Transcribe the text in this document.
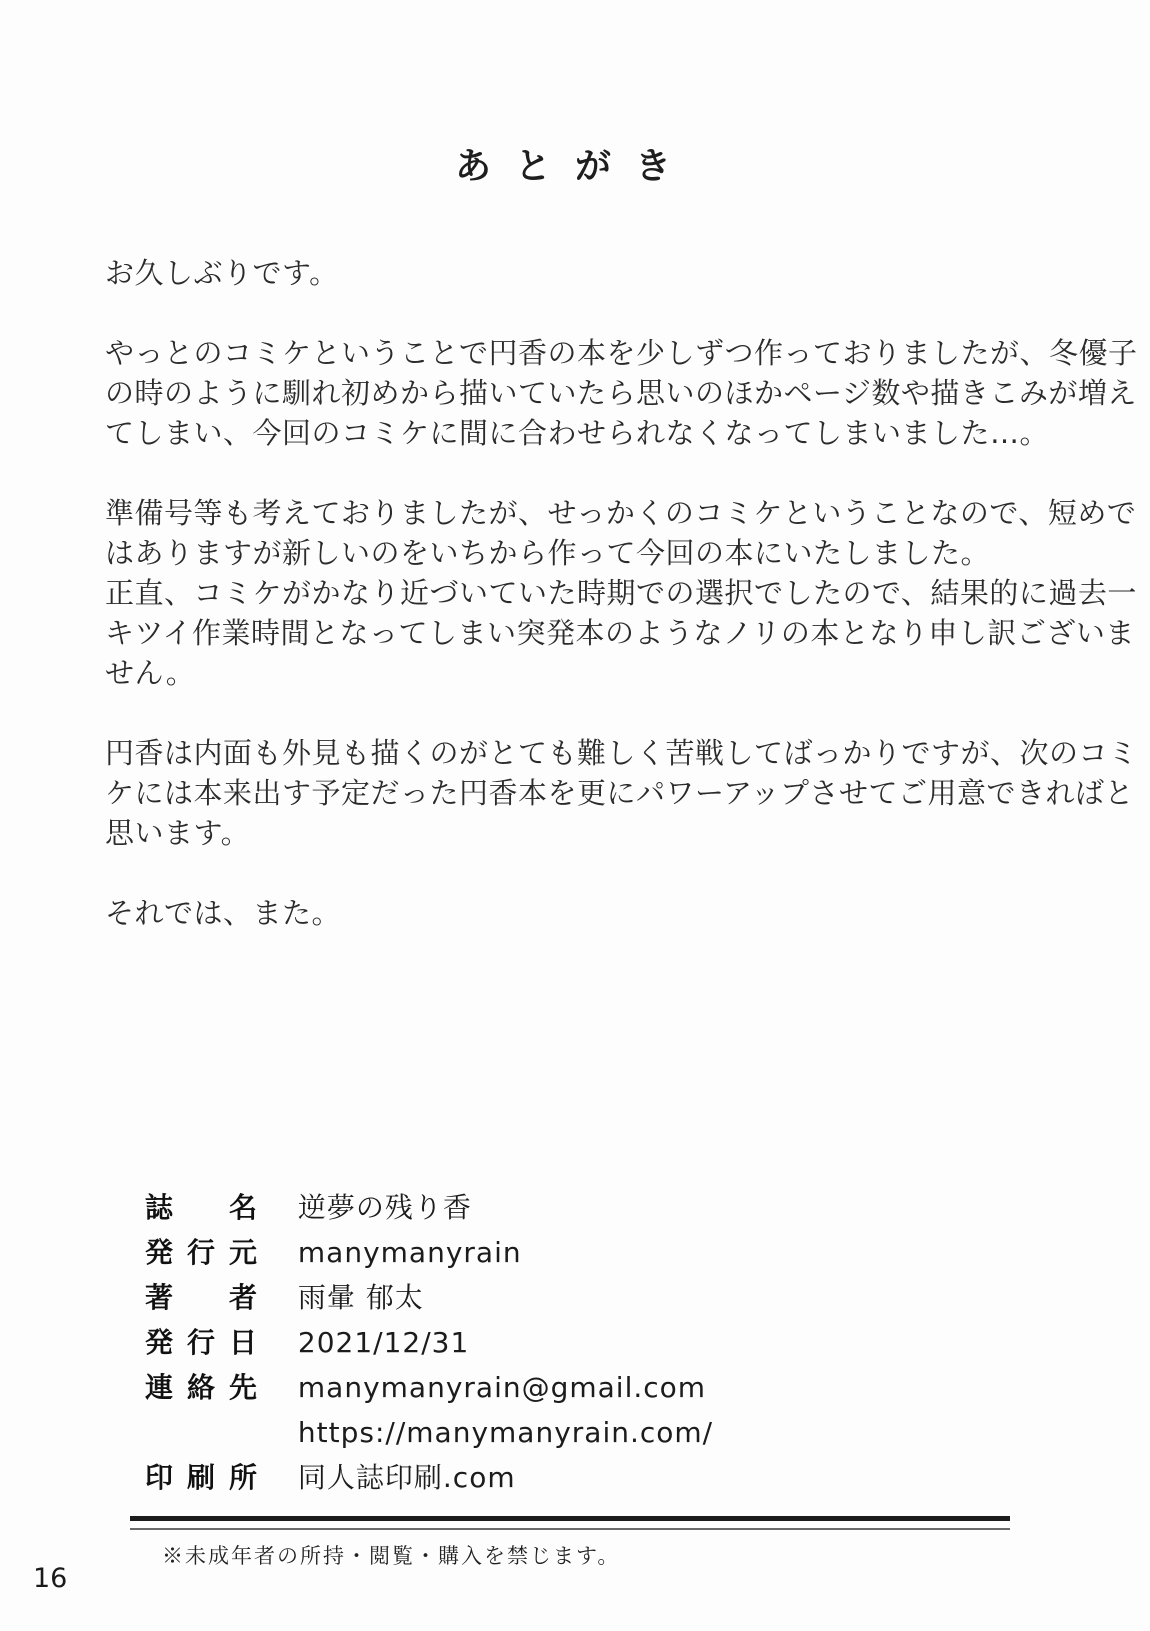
あとがき
お久しぶりです。
やっとのコミケということで円香の本を少しずつ作っておりましたが、冬優子
の時のように馴れ初めから描いていたら思いのほかページ数や描きこみが増え
てしまい、今回のコミケに間に合わせられなくなってしまいました…。
準備号等も考えておりましたが、せっかくのコミケということなので、短めで
はありますが新しいのをいちから作って今回の本にいたしました。
正直、コミケがかなり近づいていた時期での選択でしたので、結果的に過去一
キツイ作業時間となってしまい突発本のようなノリの本となり申し訳ございま
せん。
円香は内面も外見も描くのがとても難しく苦戦してばっかりですが、次のコミ
ケには本来出す予定だった円香本を更にパワーアップさせてご用意できればと
思います。
それでは、また。
誌名 逆夢の残り香
発行元 manymanyrain
著者 雨暈 郁太
発行日 2021/12/31
連絡先 manymanyrain@gmail.com
https://manymanyrain.com/
印刷所 同人誌印刷.com
※未成年者の所持・閲覧・購入を禁じます。
16
